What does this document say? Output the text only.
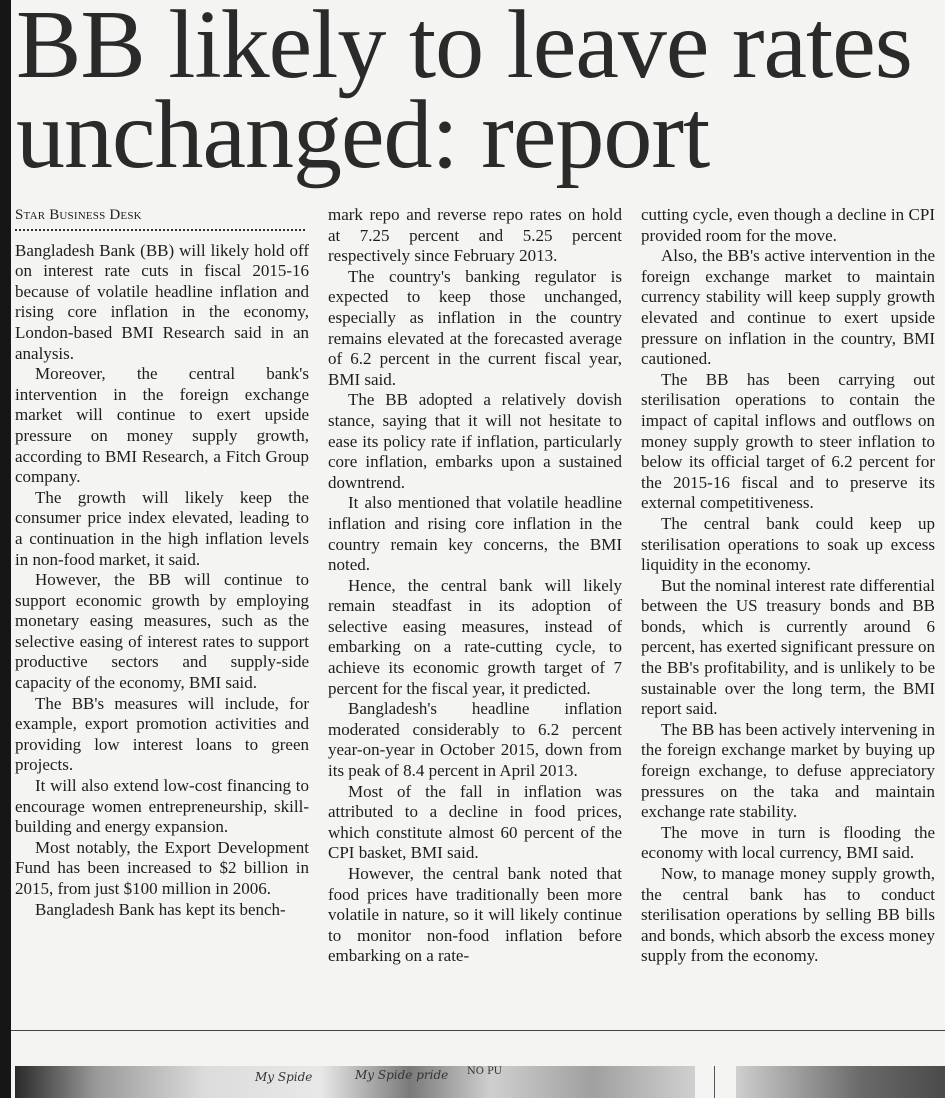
BB likely to leave rates unchanged: report
Star Business Desk

Bangladesh Bank (BB) will likely hold off on interest rate cuts in fiscal 2015-16 because of volatile headline inflation and rising core inflation in the economy, London-based BMI Research said in an analysis.

Moreover, the central bank's intervention in the foreign exchange market will continue to exert upside pressure on money supply growth, according to BMI Research, a Fitch Group company.

The growth will likely keep the consumer price index elevated, leading to a continuation in the high inflation levels in non-food market, it said.

However, the BB will continue to support economic growth by employing monetary easing measures, such as the selective easing of interest rates to support productive sectors and supply-side capacity of the economy, BMI said.

The BB's measures will include, for example, export promotion activities and providing low interest loans to green projects.

It will also extend low-cost financing to encourage women entrepreneurship, skill-building and energy expansion.

Most notably, the Export Development Fund has been increased to $2 billion in 2015, from just $100 million in 2006.

Bangladesh Bank has kept its bench-

mark repo and reverse repo rates on hold at 7.25 percent and 5.25 percent respectively since February 2013.

The country's banking regulator is expected to keep those unchanged, especially as inflation in the country remains elevated at the forecasted average of 6.2 percent in the current fiscal year, BMI said.

The BB adopted a relatively dovish stance, saying that it will not hesitate to ease its policy rate if inflation, particularly core inflation, embarks upon a sustained downtrend.

It also mentioned that volatile headline inflation and rising core inflation in the country remain key concerns, the BMI noted.

Hence, the central bank will likely remain steadfast in its adoption of selective easing measures, instead of embarking on a rate-cutting cycle, to achieve its economic growth target of 7 percent for the fiscal year, it predicted.

Bangladesh's headline inflation moderated considerably to 6.2 percent year-on-year in October 2015, down from its peak of 8.4 percent in April 2013.

Most of the fall in inflation was attributed to a decline in food prices, which constitute almost 60 percent of the CPI basket, BMI said.

However, the central bank noted that food prices have traditionally been more volatile in nature, so it will likely continue to monitor non-food inflation before embarking on a rate-

cutting cycle, even though a decline in CPI provided room for the move.

Also, the BB's active intervention in the foreign exchange market to maintain currency stability will keep supply growth elevated and continue to exert upside pressure on inflation in the country, BMI cautioned.

The BB has been carrying out sterilisation operations to contain the impact of capital inflows and outflows on money supply growth to steer inflation to below its official target of 6.2 percent for the 2015-16 fiscal and to preserve its external competitiveness.

The central bank could keep up sterilisation operations to soak up excess liquidity in the economy.

But the nominal interest rate differential between the US treasury bonds and BB bonds, which is currently around 6 percent, has exerted significant pressure on the BB's profitability, and is unlikely to be sustainable over the long term, the BMI report said.

The BB has been actively intervening in the foreign exchange market by buying up foreign exchange, to defuse appreciatory pressures on the taka and maintain exchange rate stability.

The move in turn is flooding the economy with local currency, BMI said.

Now, to manage money supply growth, the central bank has to conduct sterilisation operations by selling BB bills and bonds, which absorb the excess money supply from the economy.

My Spide	My Spide pride NO PU
